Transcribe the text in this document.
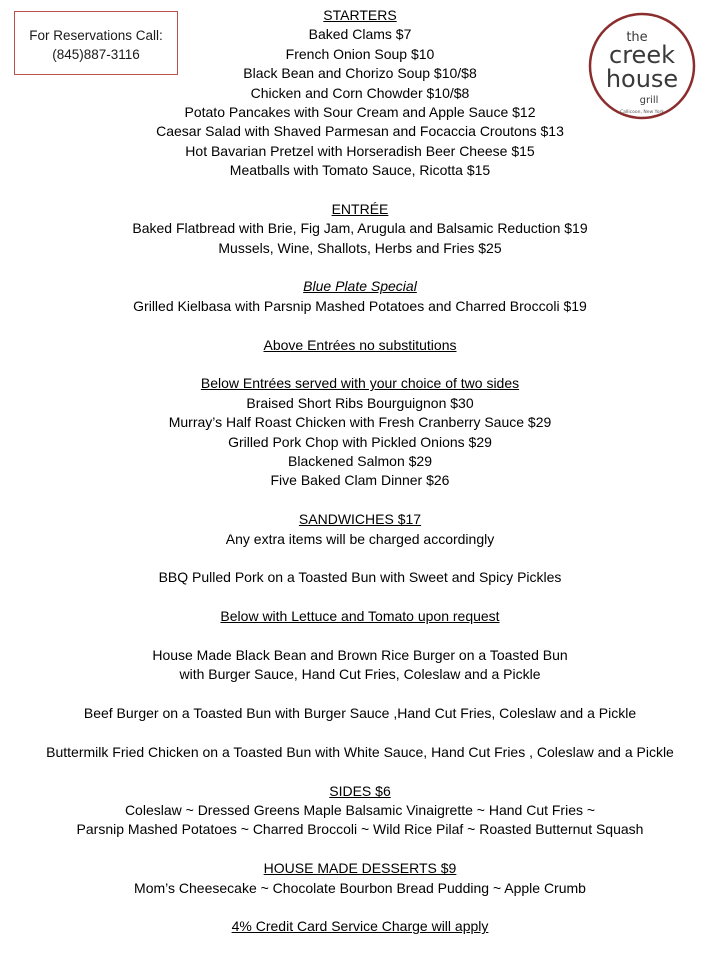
For Reservations Call:
(845)887-3116
the
creek
house
grill
Callicoon, New York
STARTERS
Baked Clams $7
French Onion Soup $10
Black Bean and Chorizo Soup $10/$8
Chicken and Corn Chowder $10/$8
Potato Pancakes with Sour Cream and Apple Sauce $12
Caesar Salad with Shaved Parmesan and Focaccia Croutons $13
Hot Bavarian Pretzel with Horseradish Beer Cheese $15
Meatballs with Tomato Sauce, Ricotta $15
ENTRÉE
Baked Flatbread with Brie, Fig Jam, Arugula and Balsamic Reduction $19
Mussels, Wine, Shallots, Herbs and Fries $25
Blue Plate Special
Grilled Kielbasa with Parsnip Mashed Potatoes and Charred Broccoli $19
Above Entrées no substitutions
Below Entrées served with your choice of two sides
Braised Short Ribs Bourguignon $30
Murray’s Half Roast Chicken with Fresh Cranberry Sauce $29
Grilled Pork Chop with Pickled Onions $29
Blackened Salmon $29
Five Baked Clam Dinner $26
SANDWICHES $17
Any extra items will be charged accordingly
BBQ Pulled Pork on a Toasted Bun with Sweet and Spicy Pickles
Below with Lettuce and Tomato upon request
House Made Black Bean and Brown Rice Burger on a Toasted Bun
with Burger Sauce, Hand Cut Fries, Coleslaw and a Pickle
Beef Burger on a Toasted Bun with Burger Sauce ,Hand Cut Fries, Coleslaw and a Pickle
Buttermilk Fried Chicken on a Toasted Bun with White Sauce, Hand Cut Fries , Coleslaw and a Pickle
SIDES $6
Coleslaw ~ Dressed Greens Maple Balsamic Vinaigrette ~ Hand Cut Fries ~
Parsnip Mashed Potatoes ~ Charred Broccoli ~ Wild Rice Pilaf ~ Roasted Butternut Squash
HOUSE MADE DESSERTS $9
Mom’s Cheesecake ~ Chocolate Bourbon Bread Pudding ~ Apple Crumb
4% Credit Card Service Charge will apply
